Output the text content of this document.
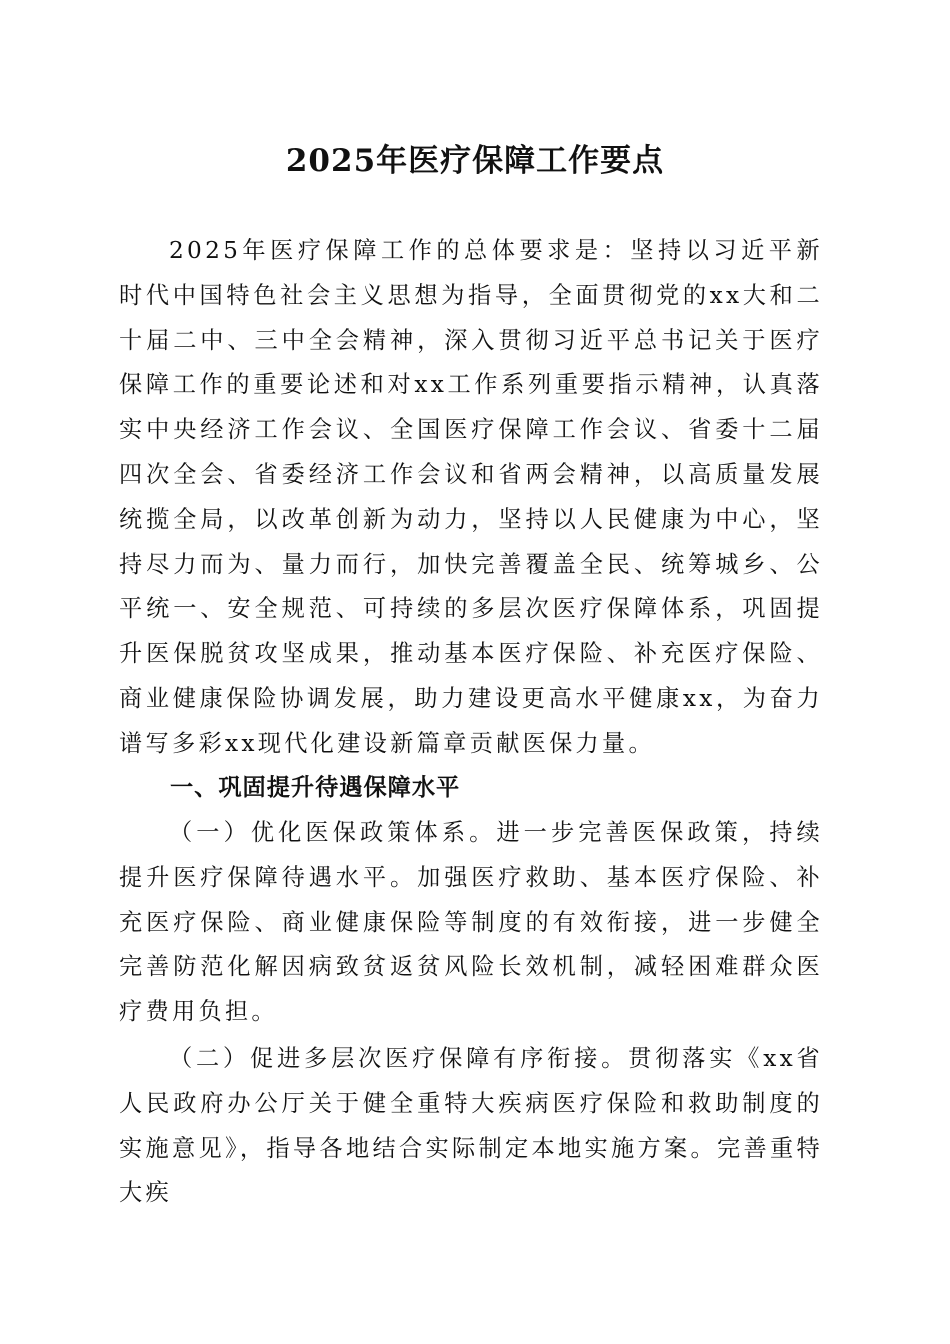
2025年医疗保障工作要点

2025年医疗保障工作的总体要求是：坚持以习近平新时代中国特色社会主义思想为指导，全面贯彻党的xx大和二十届二中、三中全会精神，深入贯彻习近平总书记关于医疗保障工作的重要论述和对xx工作系列重要指示精神，认真落实中央经济工作会议、全国医疗保障工作会议、省委十二届四次全会、省委经济工作会议和省两会精神，以高质量发展统揽全局，以改革创新为动力，坚持以人民健康为中心，坚持尽力而为、量力而行，加快完善覆盖全民、统筹城乡、公平统一、安全规范、可持续的多层次医疗保障体系，巩固提升医保脱贫攻坚成果，推动基本医疗保险、补充医疗保险、商业健康保险协调发展，助力建设更高水平健康xx，为奋力谱写多彩xx现代化建设新篇章贡献医保力量。

一、巩固提升待遇保障水平

（一）优化医保政策体系。进一步完善医保政策，持续提升医疗保障待遇水平。加强医疗救助、基本医疗保险、补充医疗保险、商业健康保险等制度的有效衔接，进一步健全完善防范化解因病致贫返贫风险长效机制，减轻困难群众医疗费用负担。

（二）促进多层次医疗保障有序衔接。贯彻落实《xx省人民政府办公厅关于健全重特大疾病医疗保险和救助制度的实施意见》，指导各地结合实际制定本地实施方案。完善重特大疾
